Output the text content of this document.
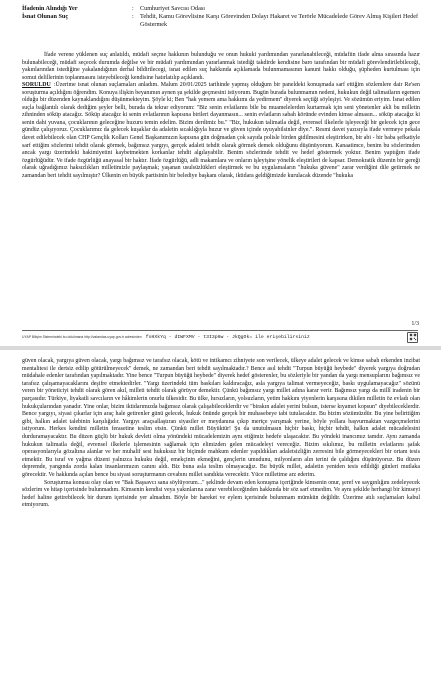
İfadenin Alındığı Yer	:	Cumhuriyet Savcısı Odası
İsnat Olunan Suç	:	Tehdit, Kamu Görevlisine Karşı Görevinden Dolayı Hakaret ve Terörle Mücadelede Görev Almış Kişileri Hedef Göstermek

İfade verene yüklenen suç anlatıldı, müdafi seçme hakkının bulunduğu ve onun hukuki yardımından yararlanabileceği, müdafiin ifade alma sırasında hazır bulunabileceği, müdafi seçecek durumda değilse ve bir müdafi yardımından yararlanmak istediği takdirde kendisine baro tarafından bir müdafi görevlendirilebileceği, yakınlarından istediğine yakalandığının derhal bildirilecegi, isnat edilen suç hakkında açıklamada bulunmamasının kanuni hakkı olduğu, şüpheden kurtulması için somut delillerinin toplanmasını isteyebileceği kendisine hatırlatılıp açıklandı.

SORULDU :Üzerime isnat olunan suçlamaları anladım. Malum 20/01/2025 tarihinde yapmış olduğum bir paneldeki konuşmada sarf ettiğim sözlemlere dair Re'sen soruşturma açıldığını öğrendim. Konuya ilişkin beyanımın aynen şu şekilde geçmesini istiyorum. Bugün burada bulunmamın nedeni, hukukun değil talimatların egemen olduğu bir düzenden kaynaklandığını düşünmekteyim. Şöyle ki; Ben "hak yemem ama hakkımı da yedirmem" diyerek seçtiği söyleşiyi. Ve sözümün eriyim. İsnat edilen suçla bağlantılı olarak dediğim şeyler belli, burada da tekrar ediyorum: "Biz senin evlatlarını bile bu muamelelerden kurtarmak için seni yönetenler akli bu milletin zihninden söküp atacağız. Söküp atacağız ki senin evlatlarının kapısına birileri dayanmasın... senin evlatların sabah köründe evinden kimse almasın... söküp atacağız ki senin dahi yuvana, çocuklarının geleceğine huzuru temin edelim. Bizim derdimiz bu." "Biz, hukukun talimatla değil, evrensel ilkelerle işleyeceği bir gelecek için gece gündüz çalışıyoruz. Çocuklarımız da gelecek kuşaklar da adaletin sıcaklığıyla huzur ve güven içinde uyuyabilsinler diye.". Resmi davet yazısıyla ifade vermeye pekala davet edilebilecek olan CHP Gençlik Kolları Genel Başkanımızın kapısına gün doğmadan çok sayıda polisle birden gidilmesini eleştirirken, bir abi - bir baba şefkatiyle sarf ettiğim sözlerimi tehdit olarak görmek, bağımsız yargıyı, gerçek adaleti tehdit olarak görmek demek olduğunu düşünüyorum. Kanaatimce, benim bu sözlerimden ancak yargı üzerindeki hakimiyetini kaybetmekten korkanlar tehdit algılayabilir. Benim sözlerimde tehdit ve hedef göstermek yoktur. Benim yaptığım ifade özgürlüğüdür. Ve ifade özgürlüğü anayasal bir haktır. İfade özgürlüğü, adli makamlara ve onların işleyişine yönelik eleştirileri de kapsar. Demokratik düzenin bir gereği olarak uğradığımız haksızlıkları milletimizle paylaşmak; yaşanan usulsüzlükleri eleştirmek ve bu uygulamaların "hukuka güvene" zarar verdiğini dile getirmek ne zamandan beri tehdit sayılmıştır? Ülkenin en büyük partisinin bir belediye başkanı olarak, iktidara geldiğimizde kurulacak düzende "hukuka

1/3
UYAP Bilişim Sistemindeki bu dokümana http://vatandas.uyap.gov.tr adresinden foHXkYq - dIWFXMV - t3I3p6w - JkQgOk= ile erişebilirsiniz

güven olacak, yargıya güven olacak, yargı bağımsız ve tarafsız olacak, kötü ve intikamcı zihniyete son verilecek, ülkeye adalet gelecek ve kimse sabah erkenden inzibat mentalitesi ile dertsiz edilip götürülmeyecek" demek, ne zamandan beri tehdit sayılmaktadır.? Bence asıl tehdit "Turpun büyüğü heybede" diyerek yargıya doğrudan müdahale edenler tarafından yapılmaktadır. Yine bence "Turpun büyüğü heybede" diyerek hedef gösterenler, bu sözleriyle bir yandan da yargı mensuplarını bağımsız ve tarafsız çalışamayacaklarını deşifre etmektedirler. "Yargı üzerindeki tüm baskıları kaldıracağız, asla yargıya talimat vermeyeceğiz, baskı uygulamayacağız" sözünü veren bir yöneticiyi tehdit olarak gören akıl, milleti tehdit olarak görüyor demektir. Çünkü bağımsız yargı millet adına karar verir. Bağımsız yargı da millî iradenin bir parçasıdır. Türkiye, liyakatli savcıların ve hâkimlerin onurlu ülkesidir. Bu ülke, hırsızların, yolsuzların, yetim hakkını yiyenlerin karşısına dikilen milletin öz evladı olan hukukçularından yanadır. Yine onlar, bizim iktidarımızda bağımsız olarak çalışabileceklerdir ve "birakın adalet yerini bulsun, isterse kıyamet kopsun" diyebileceklerdir. Bence yargıyı, siyasi çıkarlar için araç hale getirenler günü gelecek, hukuk önünde gerçek bir muhasebeye tabi tutulacaktır. Bu bizim sözümüzdür. Bu yine belirttiğim gibi, halkın adalet talebinin karşılığıdır. Yargıyı araçsallaştıran siyasiler er meydanına çıkıp mertçe yarışmak yerine, böyle yollara başvurmaktan vazgeçmelerini istiyorum. Herkes kendini milletin ferasetine teslim etsin. Çünkü millet Büyüktür! Şu da unutulmasın hiçbir baskı, hiçbir tehdit, halkın adalet mücadelesini durduramayacaktır. Bu düzen güçlü bir hukuk devleti olma yönündeki mücadelemizin aynı etiğimiz hedefe ulaşacaktır. Bu yöndeki inancımız tamdır. Aynı zamanda hukukun talimatla değil, evrensel ilkelerle işlemesinin sağlamak için elimizden gelen mücadeleyi vereceğiz. Bizim sıkılımız, bu milletin evlatlarını şafak operasyonlarıyla gözaltına alanlar ve her muhalif sesi hukuksuz bir biçimde mahkum edenler yapıldıkları adaletsizliğin zerresini bile görmeyecekleri bir ortam tesis etmektir. Bu israf ve yağma düzeni yalnızca hukuku değil, emekçinin ekmeğini, gençlerin umudunu, milyonların alın terini de çaldığını düşünüyoruz. Bu düzen depremde, yangında zorda kalan insanlarımızın canını aldı. Biz buna asla teslim olmayacağız. Bu büyük millet, adaletin yeniden tesis edildiği günleri mutlaka görecektir. Ve hakkında açılan bence bu siyasi soruşturmanın cevabını millet sandıkta verecektir. Yüce milletime arz ederim.

Soruşturma konusu olay olan ve "Bak Başsavcı sana söylüyorum..." şeklinde devam eden konuşma içeriğinde kimsenin onur, şeref ve saygınlığını zedeleyecek sözlerim ve hitap içerisinde bulunmadım. Kimsenin kendisi veya yakınlarına zarar verebileceğinden hakkında bir söz sarf etmedim. Ve aynı şekilde herhangi bir kimseyi hedef haline getirebilecek bir durum içerisinde yer almadım. Böyle bir hareket ve eylem içerisinde bulunmam mümkün değildir. Üzerime atılı suçlamaları kabul etmiyorum.
